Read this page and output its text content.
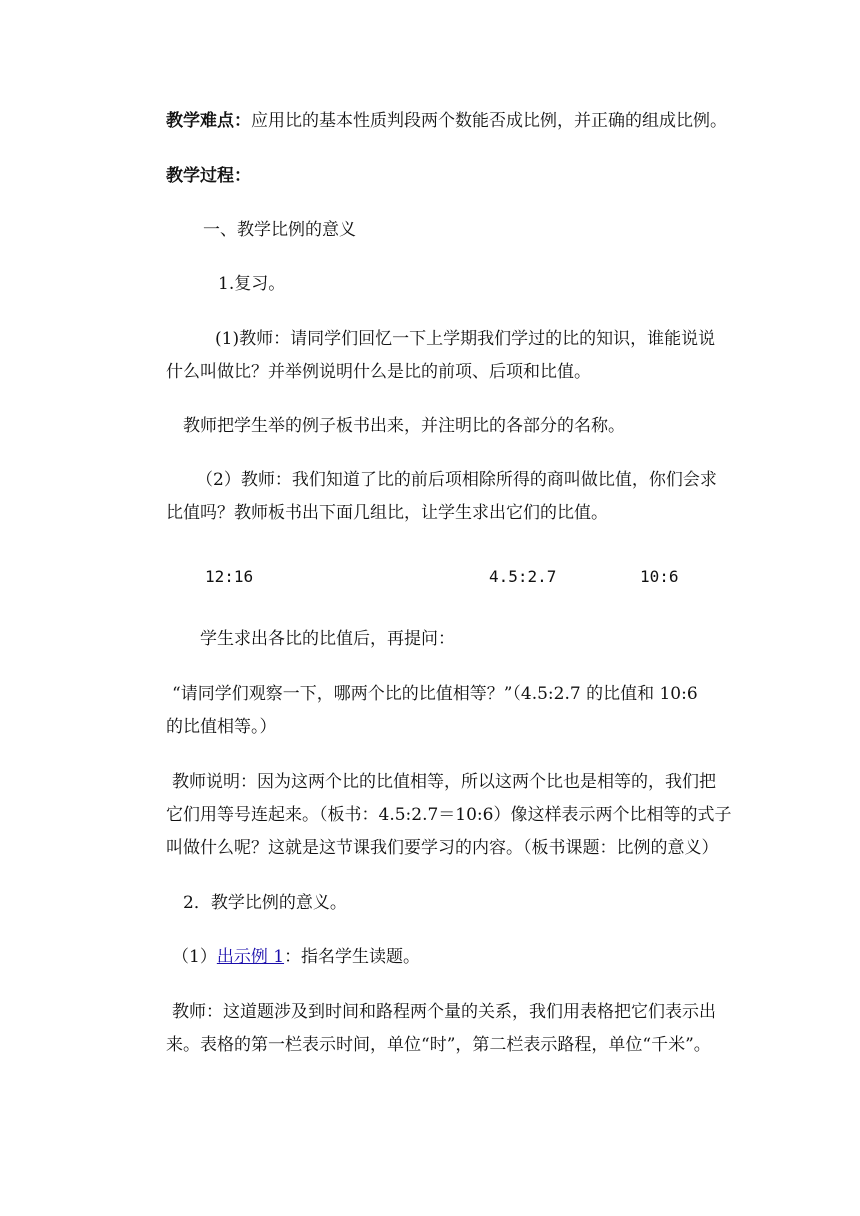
教学难点：应用比的基本性质判段两个数能否成比例，并正确的组成比例。
教学过程：
一、教学比例的意义
1.复习。
(1)教师：请同学们回忆一下上学期我们学过的比的知识，谁能说说
什么叫做比？并举例说明什么是比的前项、后项和比值。
教师把学生举的例子板书出来，并注明比的各部分的名称。
（2）教师：我们知道了比的前后项相除所得的商叫做比值，你们会求
比值吗？教师板书出下面几组比，让学生求出它们的比值。
12:16	4.5:2.7	10:6
学生求出各比的比值后，再提问：
“请同学们观察一下，哪两个比的比值相等？”（4.5:2.7 的比值和 10:6
的比值相等。）
教师说明：因为这两个比的比值相等，所以这两个比也是相等的，我们把
它们用等号连起来。（板书：4.5:2.7＝10:6）像这样表示两个比相等的式子
叫做什么呢？这就是这节课我们要学习的内容。（板书课题：比例的意义）
2．教学比例的意义。
（1）出示例 1：指名学生读题。
教师：这道题涉及到时间和路程两个量的关系，我们用表格把它们表示出
来。表格的第一栏表示时间，单位“时”，第二栏表示路程，单位“千米”。
